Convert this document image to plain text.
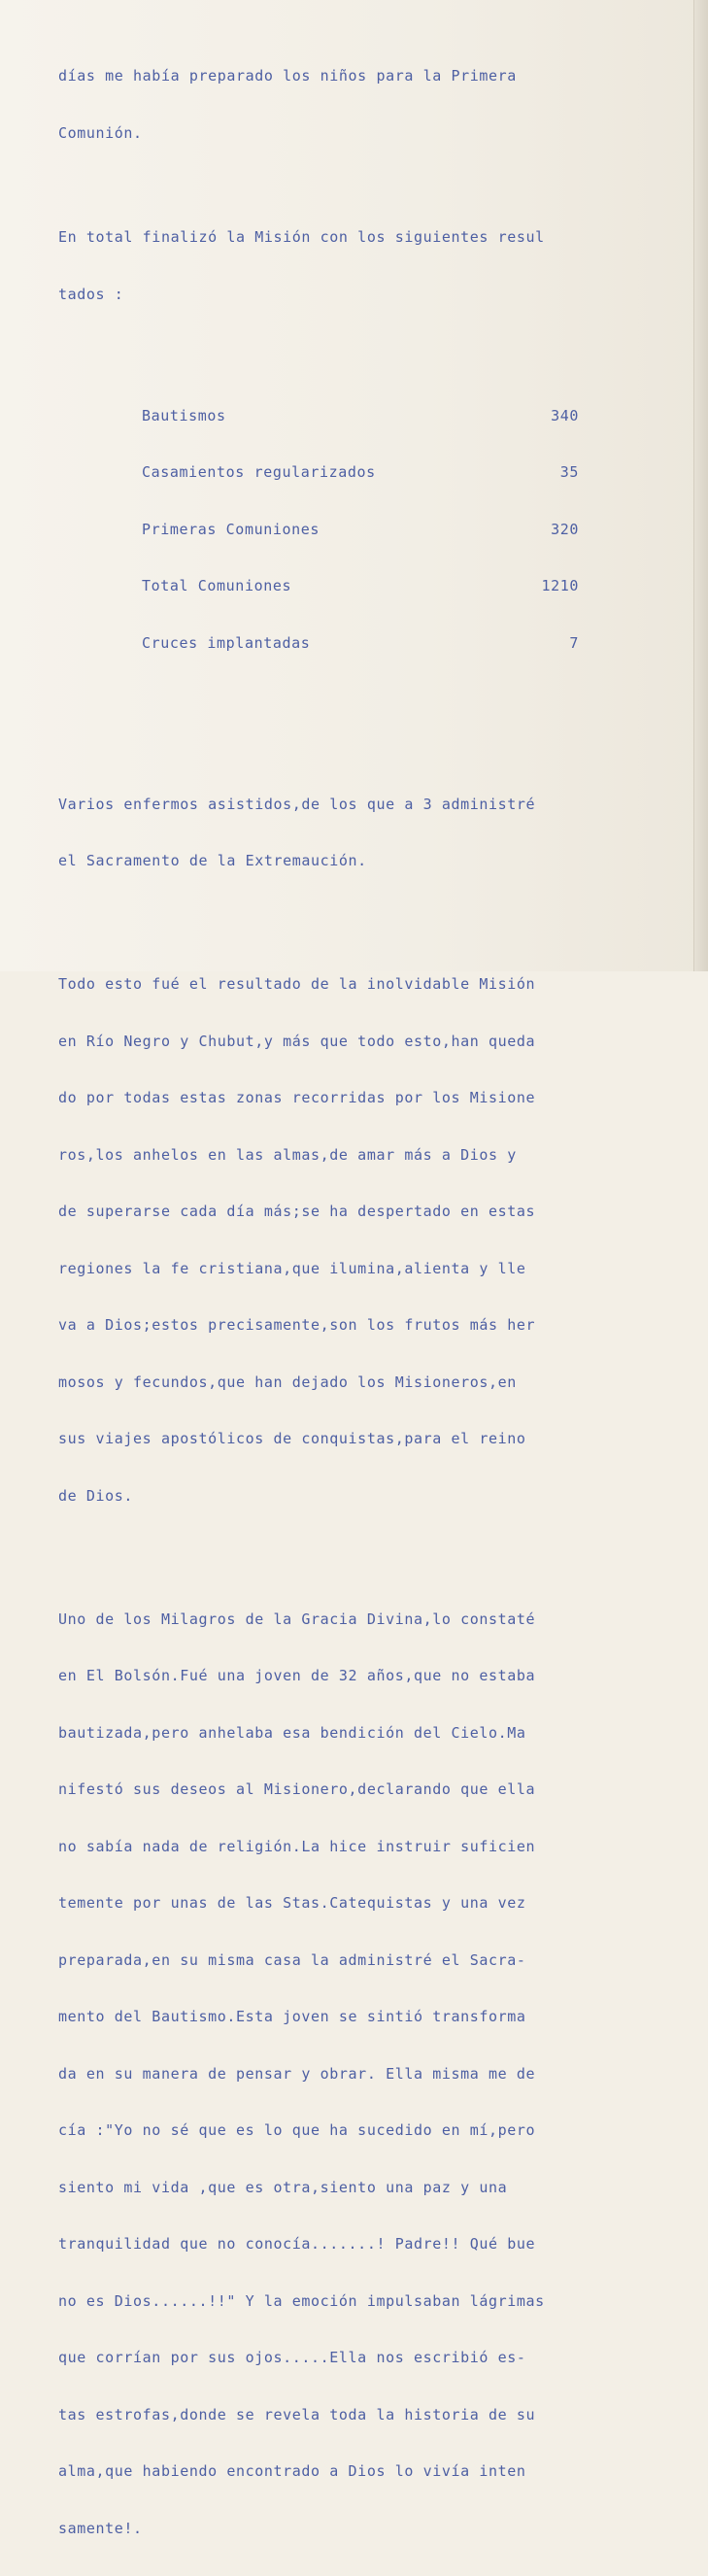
días me había preparado los niños para la Primera

Comunión.

En total finalizó la Misión con los siguientes resul

tados :

Bautismos

	340

Casamientos regularizados

	35

Primeras Comuniones

	320

Total Comuniones

	1210

Cruces implantadas

	7

Varios enfermos asistidos,de los que a 3 administré

el Sacramento de la Extremaución.

Todo esto fué el resultado de la inolvidable Misión

en Río Negro y Chubut,y más que todo esto,han queda

do por todas estas zonas recorridas por los Misione

ros,los anhelos en las almas,de amar más a Dios y

de superarse cada día más;se ha despertado en estas

regiones la fe cristiana,que ilumina,alienta y lle

va a Dios;estos precisamente,son los frutos más her

mosos y fecundos,que han dejado los Misioneros,en

sus viajes apostólicos de conquistas,para el reino

de Dios.

Uno de los Milagros de la Gracia Divina,lo constaté

en El Bolsón.Fué una joven de 32 años,que no estaba

bautizada,pero anhelaba esa bendición del Cielo.Ma

nifestó sus deseos al Misionero,declarando que ella

no sabía nada de religión.La hice instruir suficien

temente por unas de las Stas.Catequistas y una vez

preparada,en su misma casa la administré el Sacra-

mento del Bautismo.Esta joven se sintió transforma

da en su manera de pensar y obrar. Ella misma me de

cía :"Yo no sé que es lo que ha sucedido en mí,pero

siento mi vida ,que es otra,siento una paz y una

tranquilidad que no conocía.......! Padre!! Qué bue

no es Dios......!!" Y la emoción impulsaban lágrimas

que corrían por sus ojos.....Ella nos escribió es-

tas estrofas,donde se revela toda la historia de su

alma,que habiendo encontrado a Dios lo vivía inten

samente!.
